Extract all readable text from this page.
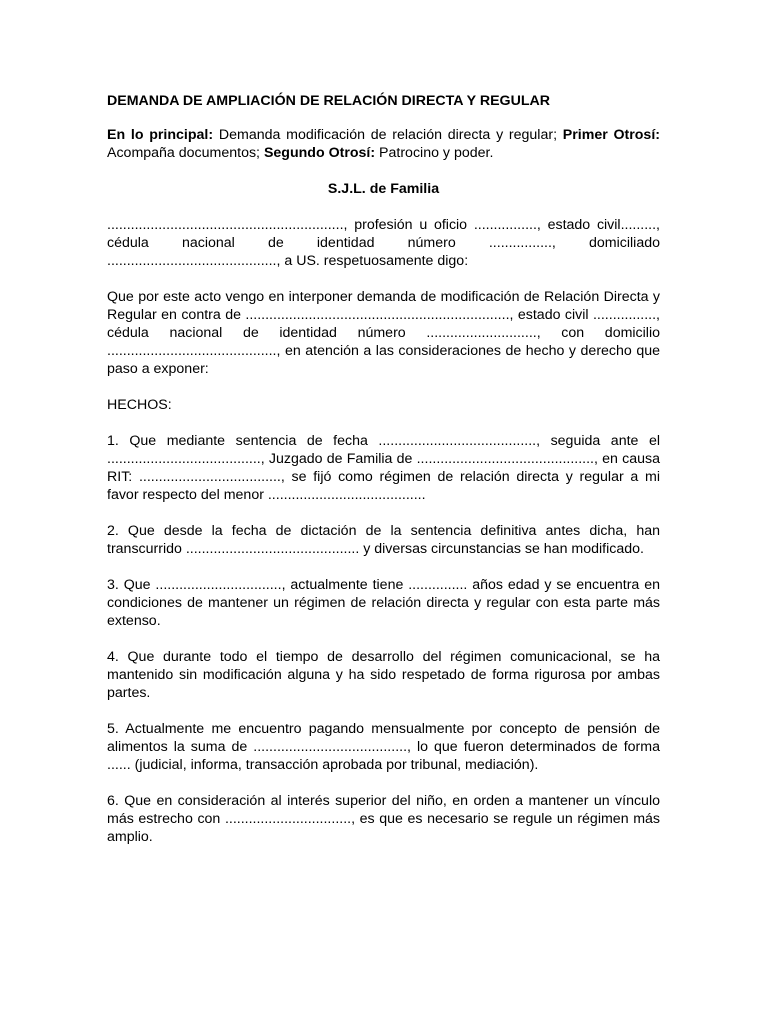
DEMANDA DE AMPLIACIÓN DE RELACIÓN DIRECTA Y REGULAR
En lo principal: Demanda modificación de relación directa y regular; Primer Otrosí: Acompaña documentos; Segundo Otrosí: Patrocino y poder.
S.J.L. de Familia
............................................................, profesión u oficio ................, estado civil........., cédula nacional de identidad número ................, domiciliado ..........................................., a US. respetuosamente digo:
Que por este acto vengo en interponer demanda de modificación de Relación Directa y Regular en contra de ..................................................................., estado civil ................, cédula nacional de identidad número ............................, con domicilio ..........................................., en atención a las consideraciones de hecho y derecho que paso a exponer:
HECHOS:
1. Que mediante sentencia de fecha ........................................, seguida ante el ......................................., Juzgado de Familia de ............................................., en causa RIT: ...................................., se fijó como régimen de relación directa y regular a mi favor respecto del menor ........................................
2. Que desde la fecha de dictación de la sentencia definitiva antes dicha, han transcurrido ............................................ y diversas circunstancias se han modificado.
3. Que ................................, actualmente tiene ............... años edad y se encuentra en condiciones de mantener un régimen de relación directa y regular con esta parte más extenso.
4. Que durante todo el tiempo de desarrollo del régimen comunicacional, se ha mantenido sin modificación alguna y ha sido respetado de forma rigurosa por ambas partes.
5. Actualmente me encuentro pagando mensualmente por concepto de pensión de alimentos la suma de ......................................., lo que fueron determinados de forma ...... (judicial, informa, transacción aprobada por tribunal, mediación).
6. Que en consideración al interés superior del niño, en orden a mantener un vínculo más estrecho con ................................, es que es necesario se regule un régimen más amplio.
